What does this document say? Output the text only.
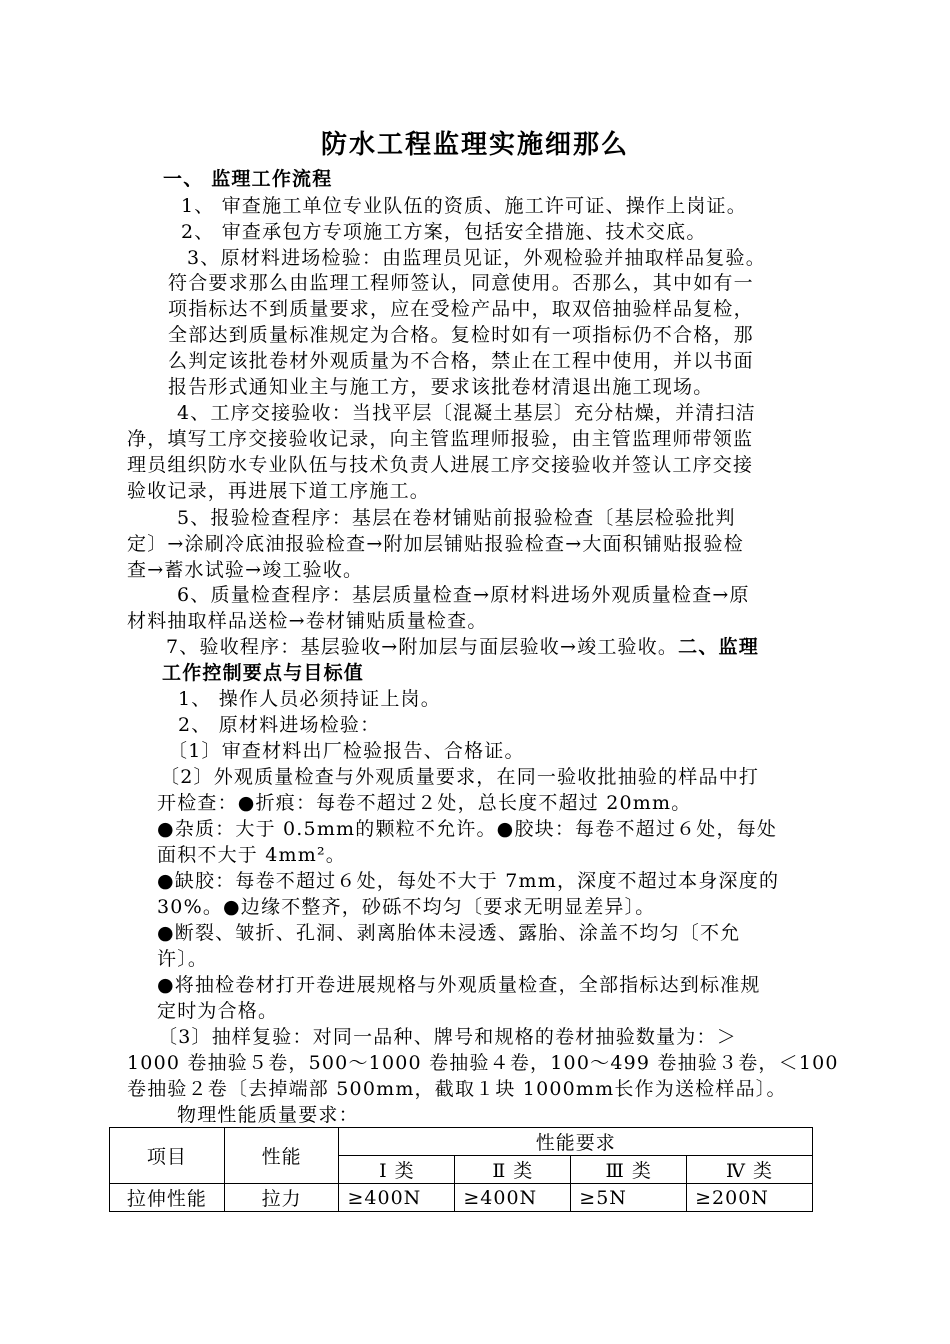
防水工程监理实施细那么
一、 监理工作流程
1、 审查施工单位专业队伍的资质、施工许可证、操作上岗证。
2、 审查承包方专项施工方案，包括安全措施、技术交底。
3、原材料进场检验：由监理员见证，外观检验并抽取样品复验。
符合要求那么由监理工程师签认，同意使用。否那么，其中如有一
项指标达不到质量要求，应在受检产品中，取双倍抽验样品复检，
全部达到质量标准规定为合格。复检时如有一项指标仍不合格，那
么判定该批卷材外观质量为不合格，禁止在工程中使用，并以书面
报告形式通知业主与施工方，要求该批卷材清退出施工现场。
4、工序交接验收：当找平层〔混凝土基层〕充分枯燥，并清扫洁
净，填写工序交接验收记录，向主管监理师报验，由主管监理师带领监
理员组织防水专业队伍与技术负责人进展工序交接验收并签认工序交接
验收记录，再进展下道工序施工。
5、报验检查程序：基层在卷材铺贴前报验检查〔基层检验批判
定〕→涂刷冷底油报验检查→附加层铺贴报验检查→大面积铺贴报验检
查→蓄水试验→竣工验收。
6、质量检查程序：基层质量检查→原材料进场外观质量检查→原
材料抽取样品送检→卷材铺贴质量检查。
7、验收程序：基层验收→附加层与面层验收→竣工验收。二、监理
工作控制要点与目标值
1、 操作人员必须持证上岗。
2、 原材料进场检验：
〔1〕审查材料出厂检验报告、合格证。
〔2〕外观质量检查与外观质量要求，在同一验收批抽验的样品中打
开检查：●折痕：每卷不超过２处，总长度不超过 20mm。
●杂质：大于 0.5mm的颗粒不允许。●胶块：每卷不超过６处，每处
面积不大于 4mm²。
●缺胶：每卷不超过６处，每处不大于 7mm，深度不超过本身深度的
30%。●边缘不整齐，砂砾不均匀〔要求无明显差异〕。
●断裂、皱折、孔洞、剥离胎体未浸透、露胎、涂盖不均匀〔不允
许〕。
●将抽检卷材打开卷进展规格与外观质量检查，全部指标达到标准规
定时为合格。
〔3〕抽样复验：对同一品种、牌号和规格的卷材抽验数量为：＞
1000 卷抽验５卷，500～1000 卷抽验４卷，100～499 卷抽验３卷，＜100
卷抽验２卷〔去掉端部 500mm，截取１块 1000mm长作为送检样品〕。
物理性能质量要求：
项目	性能	性能要求			
		Ⅰ 类	Ⅱ 类	Ⅲ 类	Ⅳ 类
拉伸性能	拉力	≥400N	≥400N	≥5N	≥200N
